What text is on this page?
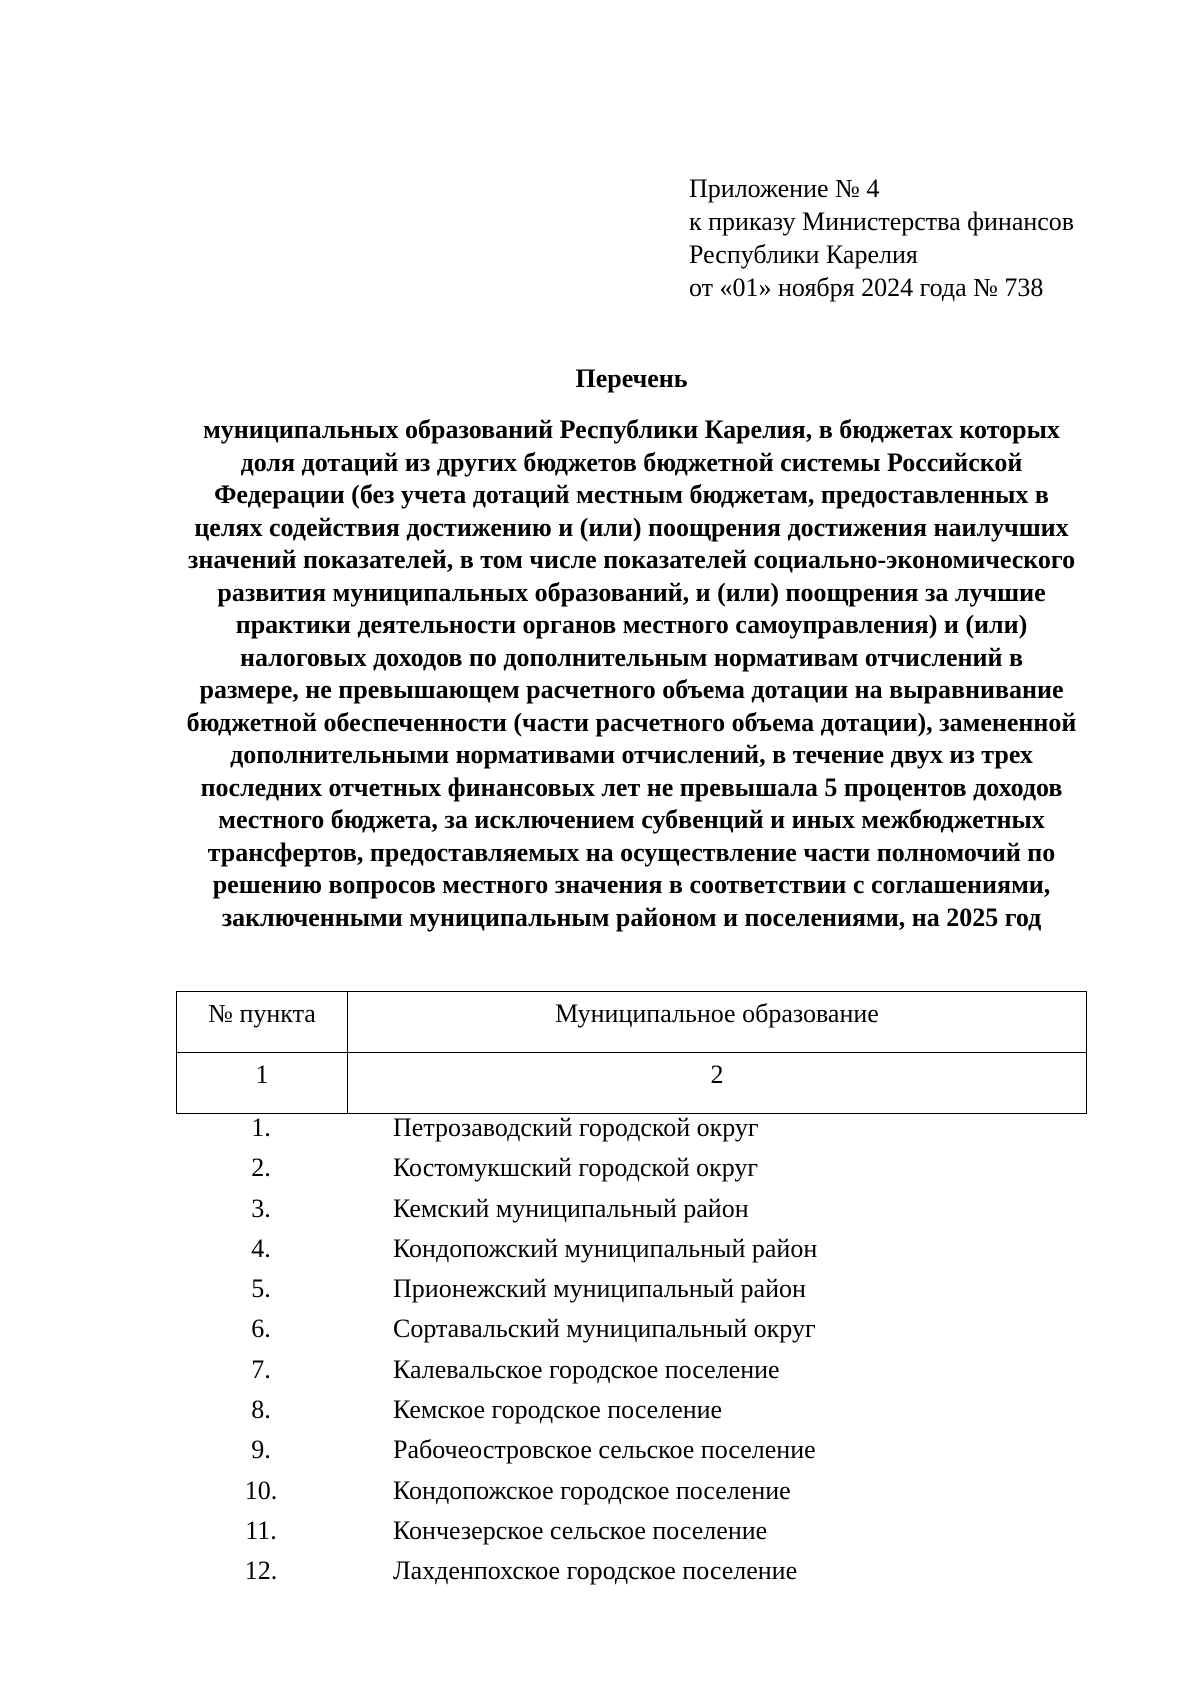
Приложение № 4
к приказу Министерства финансов
Республики Карелия
от «01» ноября 2024 года № 738
Перечень
муниципальных образований Республики Карелия, в бюджетах которых
доля дотаций из других бюджетов бюджетной системы Российской
Федерации (без учета дотаций местным бюджетам, предоставленных в
целях содействия достижению и (или) поощрения достижения наилучших
значений показателей, в том числе показателей социально-экономического
развития муниципальных образований, и (или) поощрения за лучшие
практики деятельности органов местного самоуправления) и (или)
налоговых доходов по дополнительным нормативам отчислений в
размере, не превышающем расчетного объема дотации на выравнивание
бюджетной обеспеченности (части расчетного объема дотации), замененной
дополнительными нормативами отчислений, в течение двух из трех
последних отчетных финансовых лет не превышала 5 процентов доходов
местного бюджета, за исключением субвенций и иных межбюджетных
трансфертов, предоставляемых на осуществление части полномочий по
решению вопросов местного значения в соответствии с соглашениями,
заключенными муниципальным районом и поселениями, на 2025 год
№ пункта	Муниципальное образование
1	2
1.	Петрозаводский городской округ
2.	Костомукшский городской округ
3.	Кемский муниципальный район
4.	Кондопожский муниципальный район
5.	Прионежский муниципальный район
6.	Сортавальский муниципальный округ
7.	Калевальское городское поселение
8.	Кемское городское поселение
9.	Рабочеостровское сельское поселение
10.	Кондопожское городское поселение
11.	Кончезерское сельское поселение
12.	Лахденпохское городское поселение
